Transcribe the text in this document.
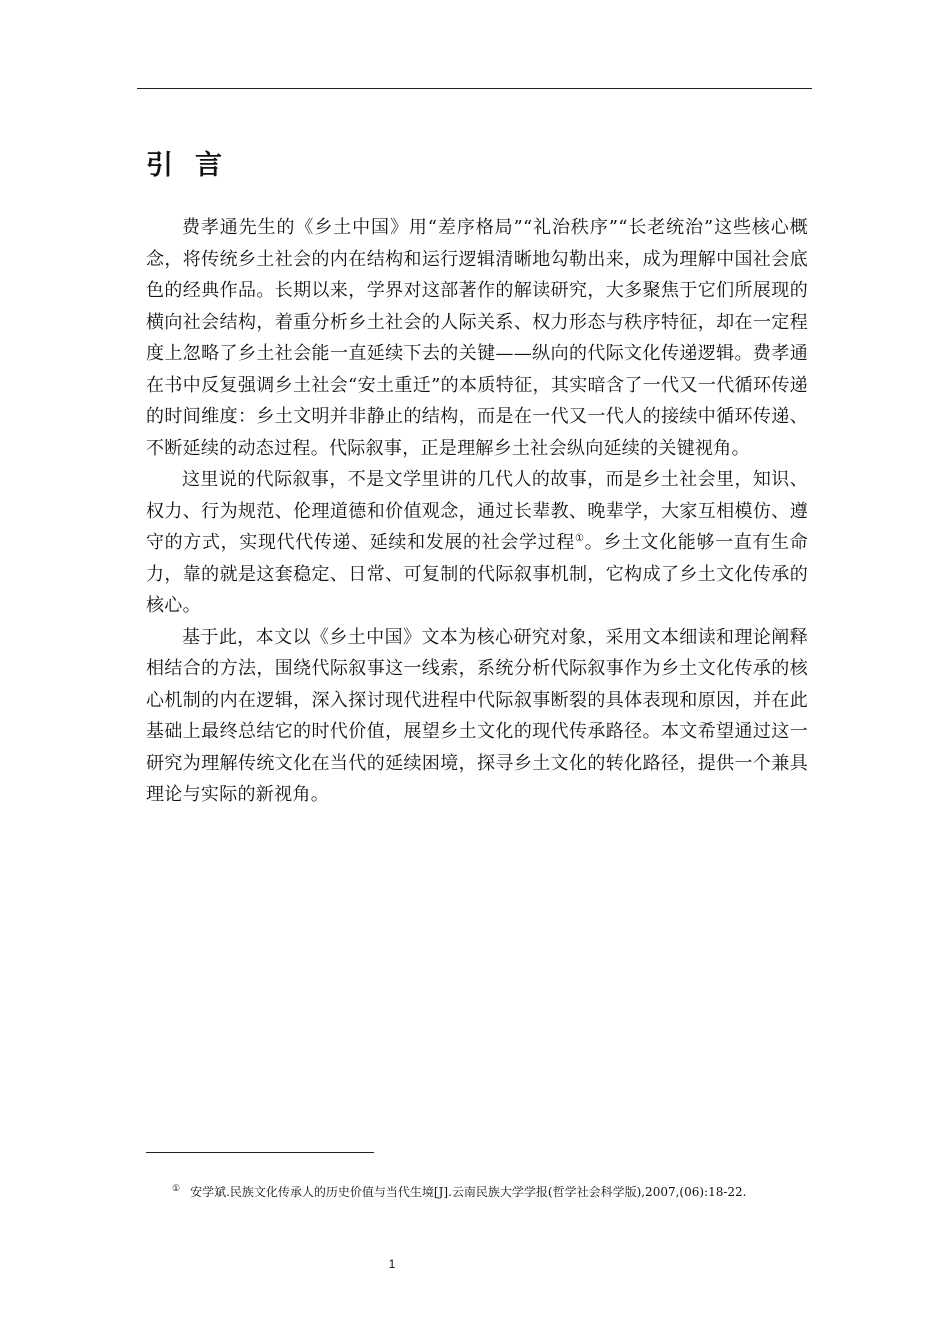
引言

费孝通先生的《乡土中国》用“差序格局”“礼治秩序”“长老统治”这些核心概念，将传统乡土社会的内在结构和运行逻辑清晰地勾勒出来，成为理解中国社会底色的经典作品。长期以来，学界对这部著作的解读研究，大多聚焦于它们所展现的横向社会结构，着重分析乡土社会的人际关系、权力形态与秩序特征，却在一定程度上忽略了乡土社会能一直延续下去的关键——纵向的代际文化传递逻辑。费孝通在书中反复强调乡土社会“安土重迁”的本质特征，其实暗含了一代又一代循环传递的时间维度：乡土文明并非静止的结构，而是在一代又一代人的接续中循环传递、不断延续的动态过程。代际叙事，正是理解乡土社会纵向延续的关键视角。

这里说的代际叙事，不是文学里讲的几代人的故事，而是乡土社会里，知识、权力、行为规范、伦理道德和价值观念，通过长辈教、晚辈学，大家互相模仿、遵守的方式，实现代代传递、延续和发展的社会学过程①。乡土文化能够一直有生命力，靠的就是这套稳定、日常、可复制的代际叙事机制，它构成了乡土文化传承的核心。

基于此，本文以《乡土中国》文本为核心研究对象，采用文本细读和理论阐释相结合的方法，围绕代际叙事这一线索，系统分析代际叙事作为乡土文化传承的核心机制的内在逻辑，深入探讨现代进程中代际叙事断裂的具体表现和原因，并在此基础上最终总结它的时代价值，展望乡土文化的现代传承路径。本文希望通过这一研究为理解传统文化在当代的延续困境，探寻乡土文化的转化路径，提供一个兼具理论与实际的新视角。

① 安学斌.民族文化传承人的历史价值与当代生境[J].云南民族大学学报(哲学社会科学版),2007,(06):18-22.

1
